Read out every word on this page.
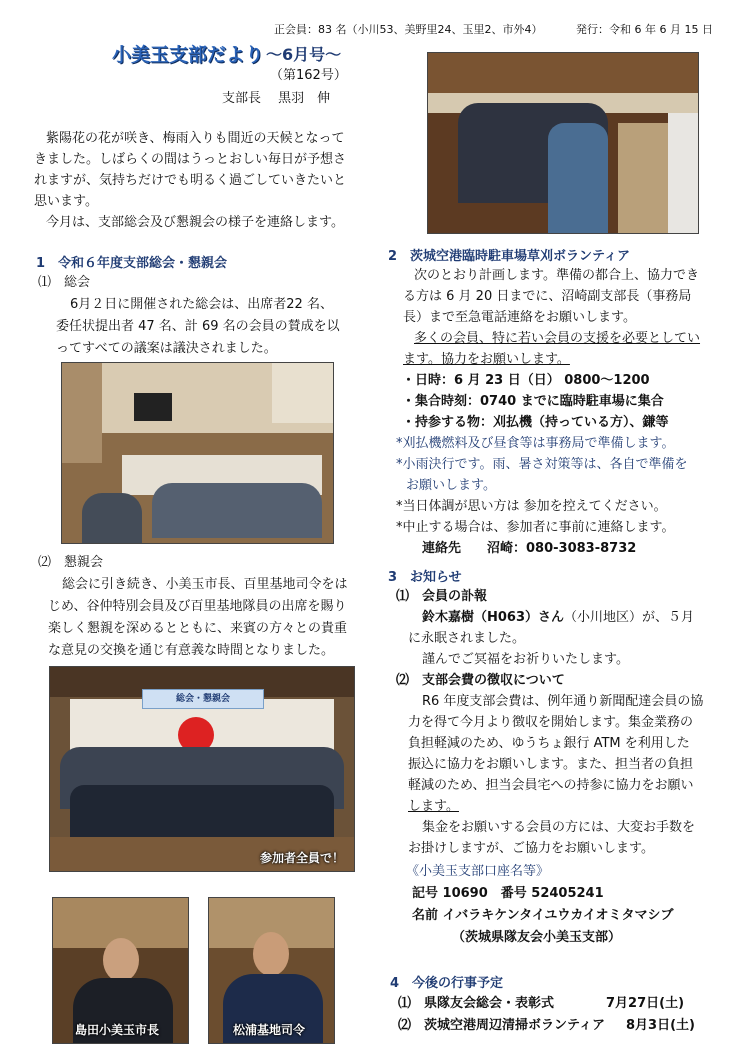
正会員：83 名（小川53、美野里24、玉里2、市外4）	発行：令和 6 年 6 月 15 日
小美玉支部だより ～6月号～
（第162号）
支部長　 黒羽　伸
紫陽花の花が咲き、梅雨入りも間近の天候となって
きました。しばらくの間はうっとおしい毎日が予想さ
れますが、気持ちだけでも明るく過ごしていきたいと
思います。
今月は、支部総会及び懇親会の様子を連絡します。
1　令和６年度支部総会・懇親会
⑴　総会
6月２日に開催された総会は、出席者22 名、
委任状提出者 47 名、計 69 名の会員の賛成を以
ってすべての議案は議決されました。
⑵　懇親会
総会に引き続き、小美玉市長、百里基地司令をは
じめ、谷仲特別会員及び百里基地隊員の出席を賜り
楽しく懇親を深めるとともに、来賓の方々との貴重
な意見の交換を通じ有意義な時間となりました。
総会・懇親会
参加者全員で！
島田小美玉市長	松浦基地司令
2　茨城空港臨時駐車場草刈ボランティア
次のとおり計画します。準備の都合上、協力でき
る方は 6 月 20 日までに、沼崎副支部長（事務局
長）まで至急電話連絡をお願いします。
多くの会員、特に若い会員の支援を必要としてい
ます。協力をお願いします。
・日時：6 月 23 日（日） 0800～1200
・集合時刻：0740 までに臨時駐車場に集合
・持参する物：刈払機（持っている方）、鎌等
*刈払機燃料及び昼食等は事務局で準備します。
*小雨決行です。雨、暑さ対策等は、各自で準備を
お願いします。
*当日体調が思い方は 参加を控えてください。
*中止する場合は、参加者に事前に連絡します。
連絡先　　沼崎：080-3083-8732
3　お知らせ
⑴　会員の訃報
鈴木嘉樹（H063）さん（小川地区）が、５月
に永眠されました。
謹んでご冥福をお祈りいたします。
⑵　支部会費の徴収について
R6 年度支部会費は、例年通り新聞配達会員の協
力を得て今月より徴収を開始します。集金業務の
負担軽減のため、ゆうちょ銀行 ATM を利用した
振込に協力をお願いします。また、担当者の負担
軽減のため、担当会員宅への持参に協力をお願い
します。
集金をお願いする会員の方には、大変お手数を
お掛けしますが、ご協力をお願いします。
《小美玉支部口座名等》
記号 10690　番号 52405241
名前 イバラキケンタイユウカイオミタマシブ
（茨城県隊友会小美玉支部）
4　今後の行事予定
⑴　県隊友会総会・表彰式	7月27日(土)
⑵　茨城空港周辺清掃ボランティア 8月3日(土)
